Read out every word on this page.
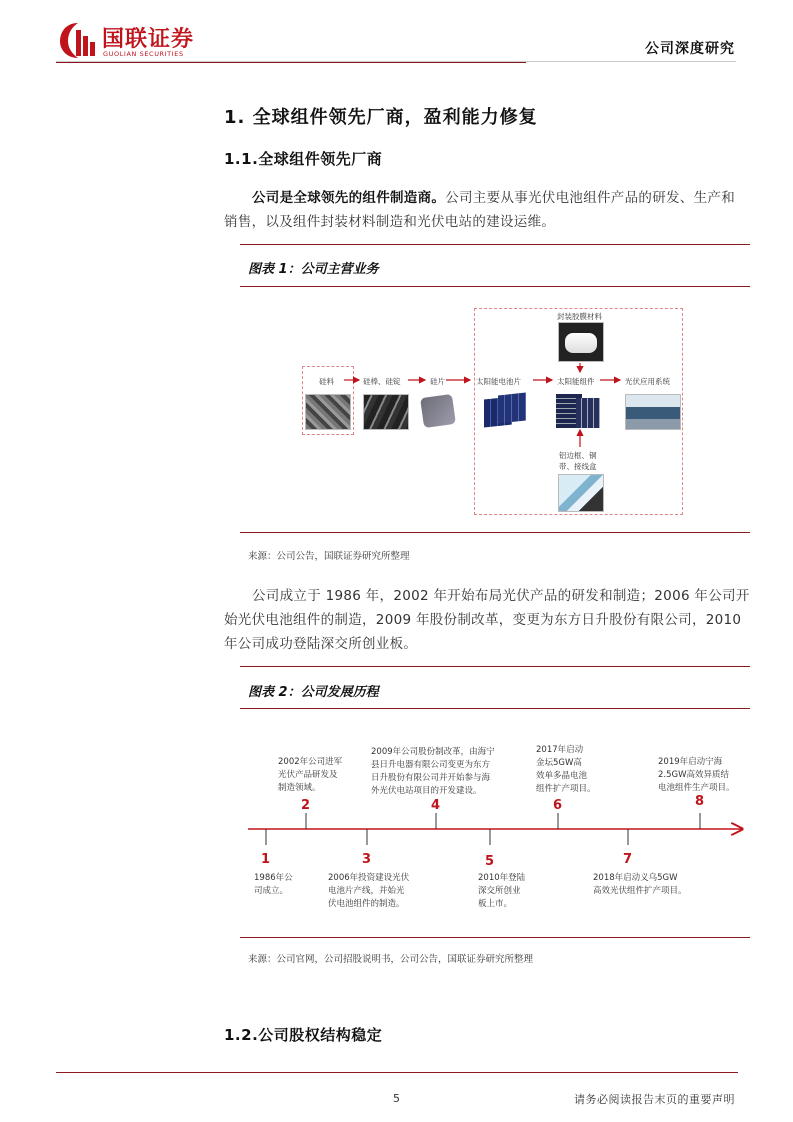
国联证券
GUOLIAN SECURITIES	公司深度研究
1. 全球组件领先厂商，盈利能力修复
1.1.全球组件领先厂商
公司是全球领先的组件制造商。公司主要从事光伏电池组件产品的研发、生产和
销售，以及组件封装材料制造和光伏电站的建设运维。
图表 1：公司主营业务
硅料	硅棒、硅锭	硅片	太阳能电池片	太阳能组件	光伏应用系统
封装胶膜材料
铝边框、铜
带、接线盒
来源：公司公告，国联证券研究所整理
公司成立于 1986 年，2002 年开始布局光伏产品的研发和制造；2006 年公司开
始光伏电池组件的制造，2009 年股份制改革，变更为东方日升股份有限公司，2010
年公司成功登陆深交所创业板。
图表 2：公司发展历程
2002年公司进军
光伏产品研发及
制造领域。
2
2009年公司股份制改革，由海宁
县日升电器有限公司变更为东方
日升股份有限公司并开始参与海
外光伏电站项目的开发建设。
4
2017年启动
金坛5GW高
效单多晶电池
组件扩产项目。
6
2019年启动宁海
2.5GW高效异质结
电池组件生产项目。
8
1
1986年公
司成立。
3
2006年投资建设光伏
电池片产线，并始光
伏电池组件的制造。
5
2010年登陆
深交所创业
板上市。
7
2018年启动义乌5GW
高效光伏组件扩产项目。
来源：公司官网，公司招股说明书，公司公告，国联证券研究所整理
1.2.公司股权结构稳定
5	请务必阅读报告末页的重要声明
